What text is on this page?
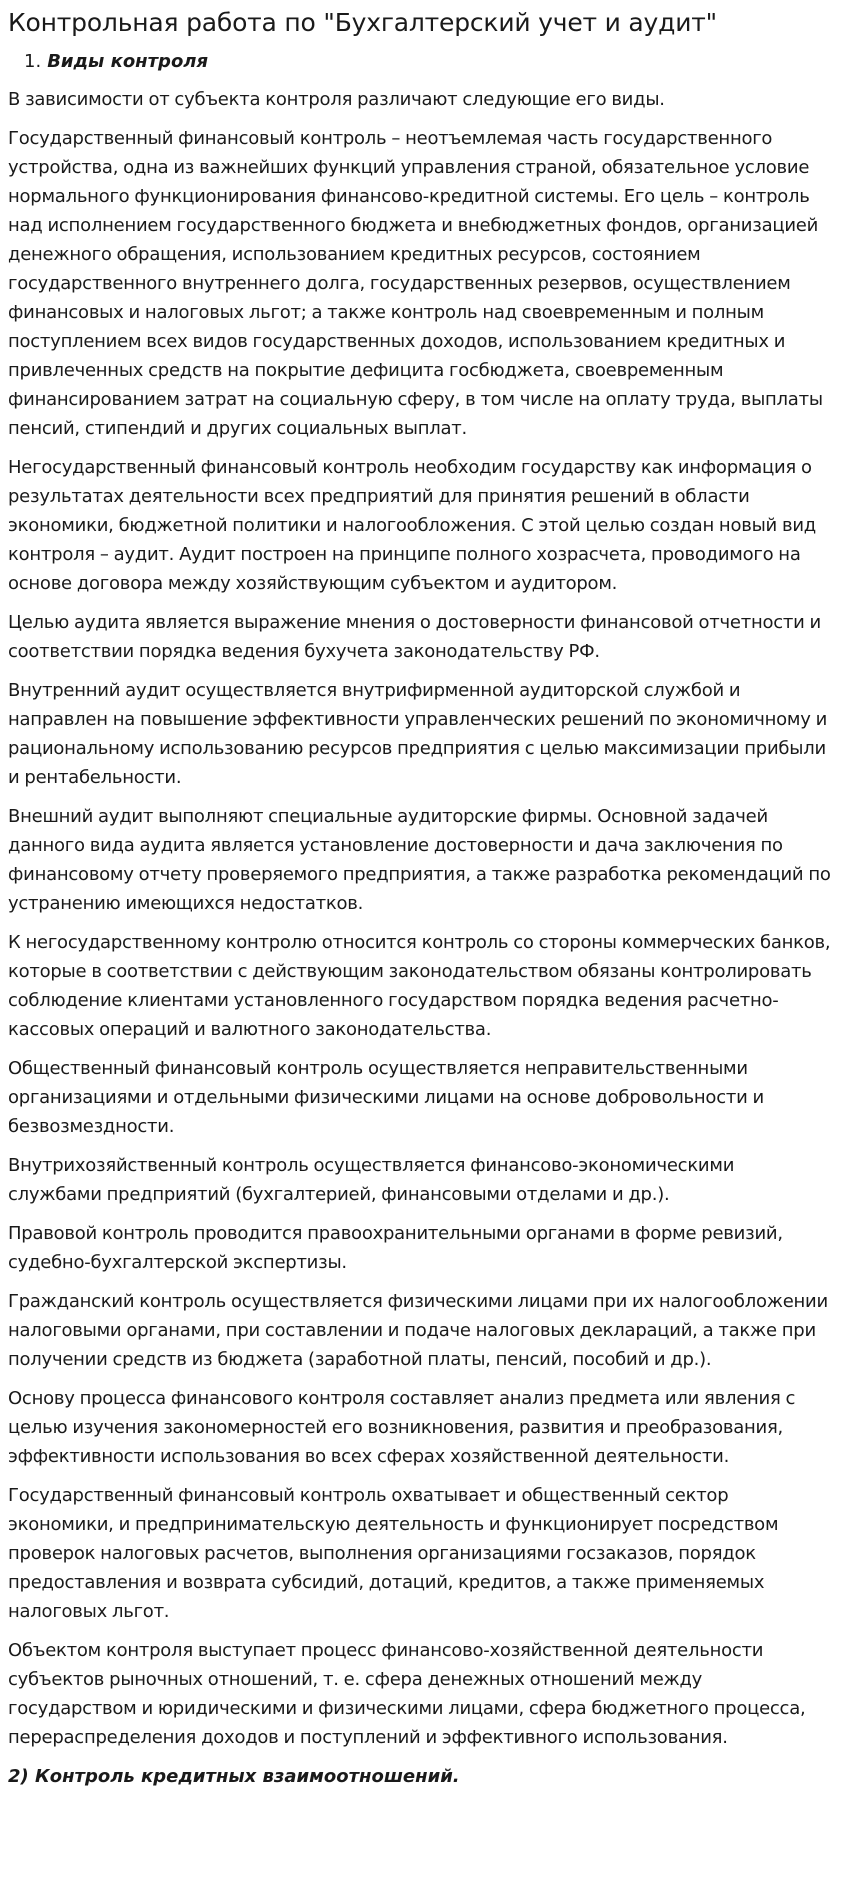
Контрольная работа по "Бухгалтерский учет и аудит"
1. Виды контроля

В зависимости от субъекта контроля различают следующие его виды.

Государственный финансовый контроль – неотъемлемая часть государственного устройства, одна из важнейших функций управления страной, обязательное условие нормального функционирования финансово-кредитной системы. Его цель – контроль над исполнением государственного бюджета и внебюджетных фондов, организацией денежного обращения, использованием кредитных ресурсов, состоянием государственного внутреннего долга, государственных резервов, осуществлением финансовых и налоговых льгот; а также контроль над своевременным и полным поступлением всех видов государственных доходов, использованием кредитных и привлеченных средств на покрытие дефицита госбюджета, своевременным финансированием затрат на социальную сферу, в том числе на оплату труда, выплаты пенсий, стипендий и других социальных выплат.

Негосударственный финансовый контроль необходим государству как информация о результатах деятельности всех предприятий для принятия решений в области экономики, бюджетной политики и налогообложения. С этой целью создан новый вид контроля – аудит. Аудит построен на принципе полного хозрасчета, проводимого на основе договора между хозяйствующим субъектом и аудитором.

Целью аудита является выражение мнения о достоверности финансовой отчетности и соответствии порядка ведения бухучета законодательству РФ.

Внутренний аудит осуществляется внутрифирменной аудиторской службой и направлен на повышение эффективности управленческих решений по экономичному и рациональному использованию ресурсов предприятия с целью максимизации прибыли и рентабельности.

Внешний аудит выполняют специальные аудиторские фирмы. Основной задачей данного вида аудита является установление достоверности и дача заключения по финансовому отчету проверяемого предприятия, а также разработка рекомендаций по устранению имеющихся недостатков.

К негосударственному контролю относится контроль со стороны коммерческих банков, которые в соответствии с действующим законодательством обязаны контролировать соблюдение клиентами установленного государством порядка ведения расчетно-кассовых операций и валютного законодательства.

Общественный финансовый контроль осуществляется неправительственными организациями и отдельными физическими лицами на основе добровольности и безвозмездности.

Внутрихозяйственный контроль осуществляется финансово-экономическими службами предприятий (бухгалтерией, финансовыми отделами и др.).

Правовой контроль проводится правоохранительными органами в форме ревизий, судебно-бухгалтерской экспертизы.

Гражданский контроль осуществляется физическими лицами при их налогообложении налоговыми органами, при составлении и подаче налоговых деклараций, а также при получении средств из бюджета (заработной платы, пенсий, пособий и др.).

Основу процесса финансового контроля составляет анализ предмета или явления с целью изучения закономерностей его возникновения, развития и преобразования, эффективности использования во всех сферах хозяйственной деятельности.

Государственный финансовый контроль охватывает и общественный сектор экономики, и предпринимательскую деятельность и функционирует посредством проверок налоговых расчетов, выполнения организациями госзаказов, порядок предоставления и возврата субсидий, дотаций, кредитов, а также применяемых налоговых льгот.

Объектом контроля выступает процесс финансово-хозяйственной деятельности субъектов рыночных отношений, т. е. сфера денежных отношений между государством и юридическими и физическими лицами, сфера бюджетного процесса, перераспределения доходов и поступлений и эффективного использования.

2) Контроль кредитных взаимоотношений.
